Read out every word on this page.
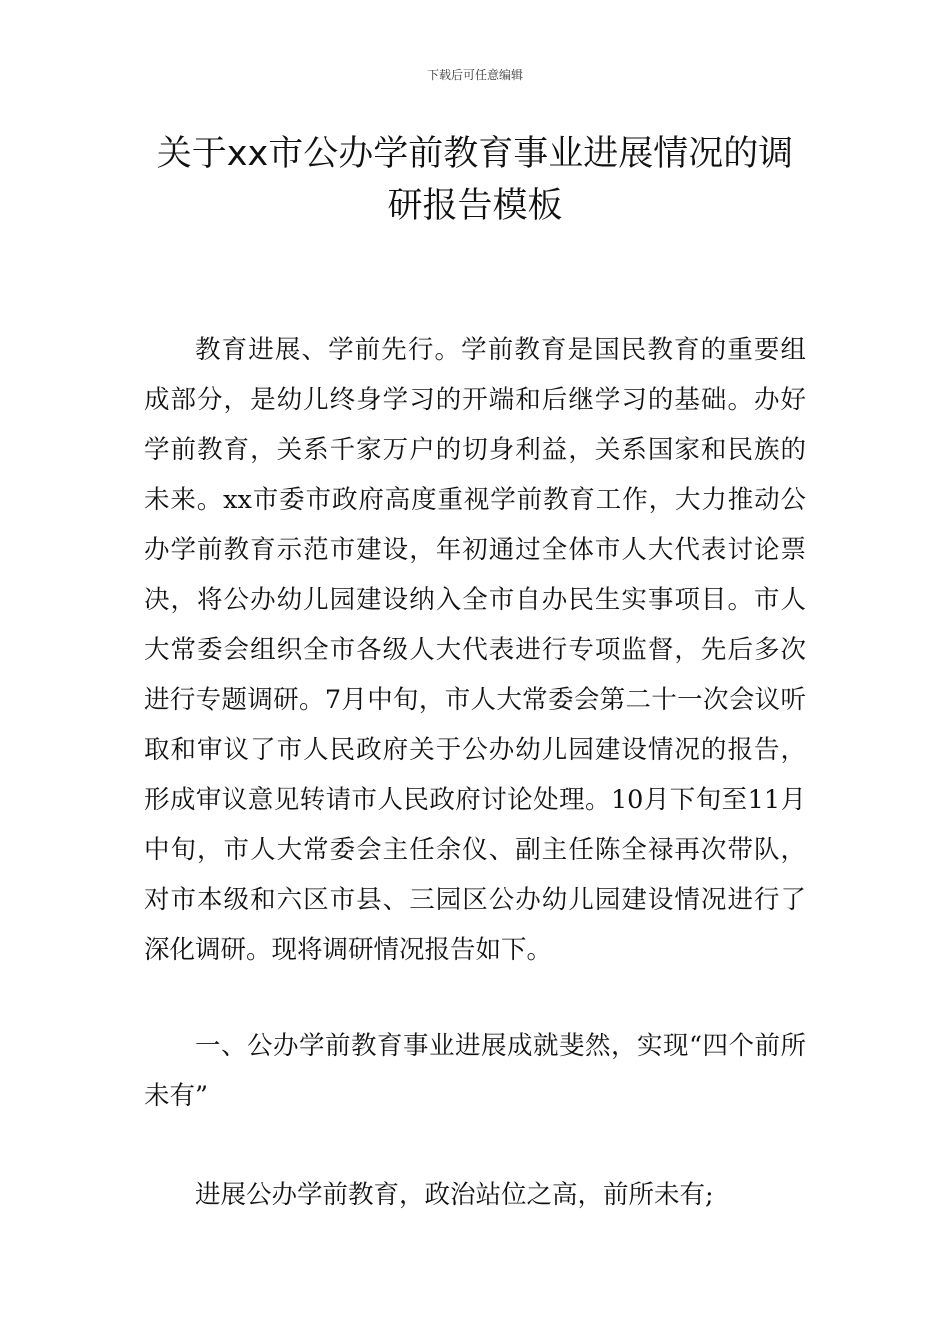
下载后可任意编辑
关于xx市公办学前教育事业进展情况的调研报告模板

教育进展、学前先行。学前教育是国民教育的重要组成部分，是幼儿终身学习的开端和后继学习的基础。办好学前教育，关系千家万户的切身利益，关系国家和民族的未来。xx市委市政府高度重视学前教育工作，大力推动公办学前教育示范市建设，年初通过全体市人大代表讨论票决，将公办幼儿园建设纳入全市自办民生实事项目。市人大常委会组织全市各级人大代表进行专项监督，先后多次进行专题调研。7月中旬，市人大常委会第二十一次会议听取和审议了市人民政府关于公办幼儿园建设情况的报告，形成审议意见转请市人民政府讨论处理。10月下旬至11月中旬，市人大常委会主任余仪、副主任陈全禄再次带队，对市本级和六区市县、三园区公办幼儿园建设情况进行了深化调研。现将调研情况报告如下。

一、公办学前教育事业进展成就斐然，实现“四个前所未有”

进展公办学前教育，政治站位之高，前所未有;
